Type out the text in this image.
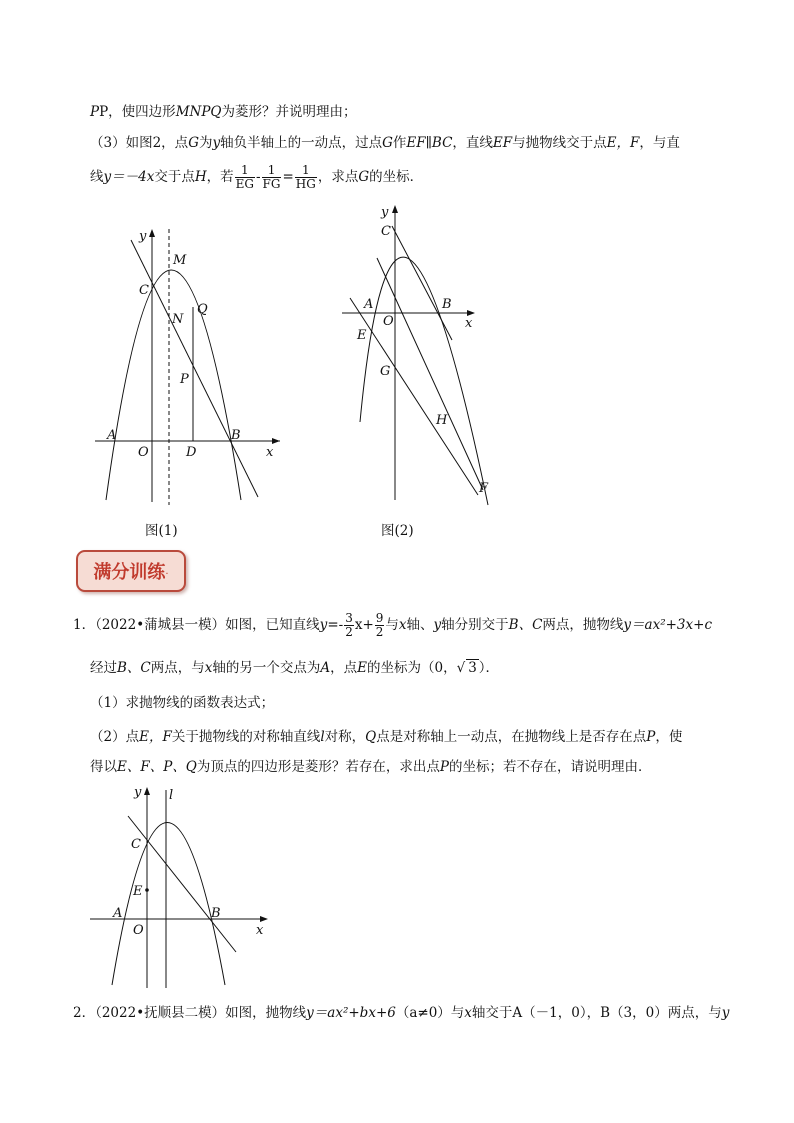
PP，使四边形MNPQ为菱形？并说明理由；
（3）如图2，点G为y轴负半轴上的一动点，过点G作EF∥BC，直线EF与抛物线交于点E，F，与直
线y＝－4x交于点H，若 $\frac{1}{EG} - \frac{1}{FG} = \frac{1}{HG}$ ，求点G的坐标．
y
M
C
Q
N
P
A	B
O	D	x
图(1)
y
C
A	B
O	x
E
G
H
F
图(2)
满分训练 .
1．（2022•蒲城县一模）如图，已知直线$y=- \frac{3}{2} x+ \frac{9}{2}$ 与x轴、y轴分别交于B、C两点，抛物线y＝ax²+3x+c
经过B、C两点，与x轴的另一个交点为A，点E的坐标为（0，√ 3 ）．
（1）求抛物线的函数表达式；
（2）点E，F关于抛物线的对称轴直线l对称，Q点是对称轴上一动点，在抛物线上是否存在点P，使
得以E、F、P、Q为顶点的四边形是菱形？若存在，求出点P的坐标；若不存在，请说明理由．
y l
C
E
A	B
O	x
2．（2022•抚顺县二模）如图，抛物线y＝ax²+bx+6（a≠0）与x轴交于A（－1，0），B（3，0）两点，与y
